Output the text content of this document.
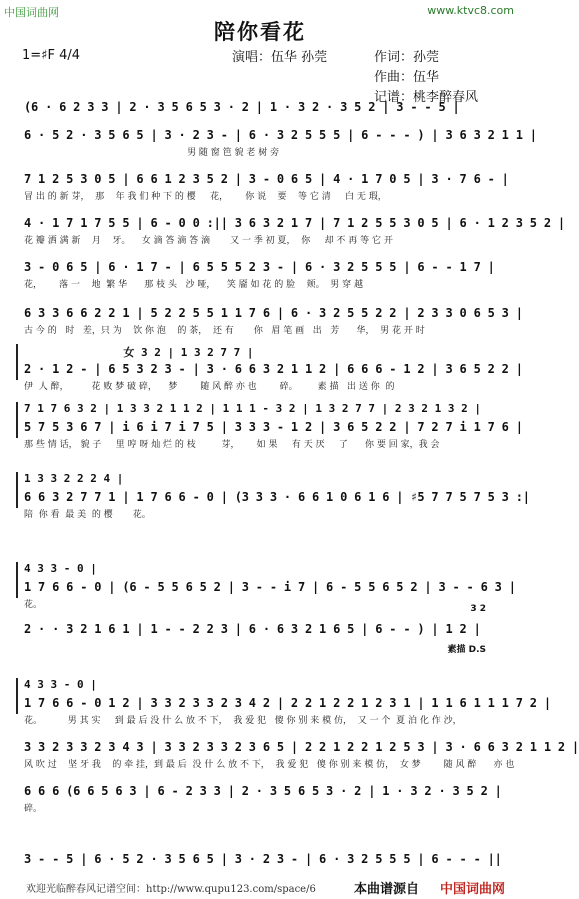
中国词曲网	www.ktvc8.com
陪你看花
1=♯F 4/4	演唱：伍华 孙莞	作词：孙莞
作曲：伍华
记谱：桃李醉春风
(6 · 6 2 3 3 | 2 · 3 5 6 5 3 · 2 | 1 · 3 2 · 3 5 2 | 3 - - 5 |
6 · 5 2 · 3 5 6 5 | 3 · 2 3 - | 6 · 3 2 5 5 5 | 6 - - - ) | 3 6 3 2 1 1 |
男 随 窗 笆 貌 老 树 旁
7 1 2 5 3 0 5 | 6 6 1 2 3 5 2 | 3 - 0 6 5 | 4 · 1 7 0 5 | 3 · 7 6 - |
冒 出 的 新 芽，  那    年 我 们 种 下 的 樱     花，      你 说    要    等 它 清     白 无 瑕，
4 · 1 7 1 7 5 5 | 6 - 0 0 :|| 3 6 3 2 1 7 | 7 1 2 5 5 3 0 5 | 6 · 1 2 3 5 2 |
花 瓣 洒 满 新    月    牙。    女 滴 答 滴 答 滴       又 一 季 初 夏，  你     却 不 再 等 它 开
3 - 0 6 5 | 6 · 1 7 - | 6 5 5 5 2 3 - | 6 · 3 2 5 5 5 | 6 - - 1 7 |
花，      落 一    地  繁 华      那 枝 头   沙 哑，    笑 靥 如 花 的 脸    颊。  男 穿 越
6 3 3 6 6 2 2 1 | 5 2 2 5 5 1 1 7 6 | 6 · 3 2 5 5 2 2 | 2 3 3 0 6 5 3 |
古 今 的   时   差，只 为    饮 你 泡    的 茶，  还 有       你   眉 笔 画   出   芳      华，  男 花 开 时
2 · 1 2 - | 6 5 3 2 3 - | 3 · 6 6 3 2 1 1 2 | 6 6 6 - 1 2 | 3 6 5 2 2 |
伊  人 醉，        花 败 梦 破 碎，    梦        随 风 醉 亦 也        碎。       素 描   出 送 你  的
5 7 5 3 6 7 | i 6 i 7 i 7 5 | 3 3 3 - 1 2 | 3 6 5 2 2 | 7 2 7 i 1 7 6 |
那 些 情 话， 貌 子     里 哼 呀 灿 烂 的 枝         芽，      如 果     有 天 厌     了      你 要 回 家，我 会
6 6 3 2 7 7 1 | 1 7 6 6 - 0 | (3 3 3 · 6 6 1 0 6 1 6 | ♯5 7 7 5 7 5 3 :|
陪  你 看  最 美  的 樱       花。
1 7 6 6 - 0 | (6 - 5 5 6 5 2 | 3 - - i 7 | 6 - 5 5 6 5 2 | 3 - - 6 3 |
花。
2 · · 3 2 1 6 1 | 1 - - 2 2 3 | 6 · 6 3 2 1 6 5 | 6 - - ) | 1 2 |
1 7 6 6 - 0 1 2 | 3 3 2 3 3 2 3 4 2 | 2 2 1 2 2 1 2 3 1 | 1 1 6 1 1 1 7 2 |
花。         男 其 实     到 最 后 没 什 么 放 不 下，  我 爱 犯   傻 你 别 来 模 仿，  又 一 个  夏 泊 化 作 沙，
3 3 2 3 3 2 3 4 3 | 3 3 2 3 3 2 3 6 5 | 2 2 1 2 2 1 2 5 3 | 3 · 6 6 3 2 1 1 2 |
风 吹 过    坚 牙 我    的 牵 挂，到 最 后  没 什 么 放 不 下，  我 爱 犯   傻 你 别 来 模 仿，  女 梦        随 风 醉      亦 也
6 6 6 (6 6 5 6 3 | 6 - 2 3 3 | 2 · 3 5 6 5 3 · 2 | 1 · 3 2 · 3 5 2 |
碎。
3 - - 5 | 6 · 5 2 · 3 5 6 5 | 3 · 2 3 - | 6 · 3 2 5 5 5 | 6 - - - ||
女 3 2 | 1 3 2 7 7 |
7 1 7 6 3 2 | 1 3 3 2 1 1 2 | 1 1 1 - 3 2 | 1 3 2 7 7 | 2 3 2 1 3 2 |
1 3 3 2 2 2 4 |
4 3 3 - 0 |
4 3 3 - 0 |
3 2
素描 D.S
欢迎光临醉春风记谱空间：http://www.qupu123.com/space/6	本曲谱源自 中国词曲网
